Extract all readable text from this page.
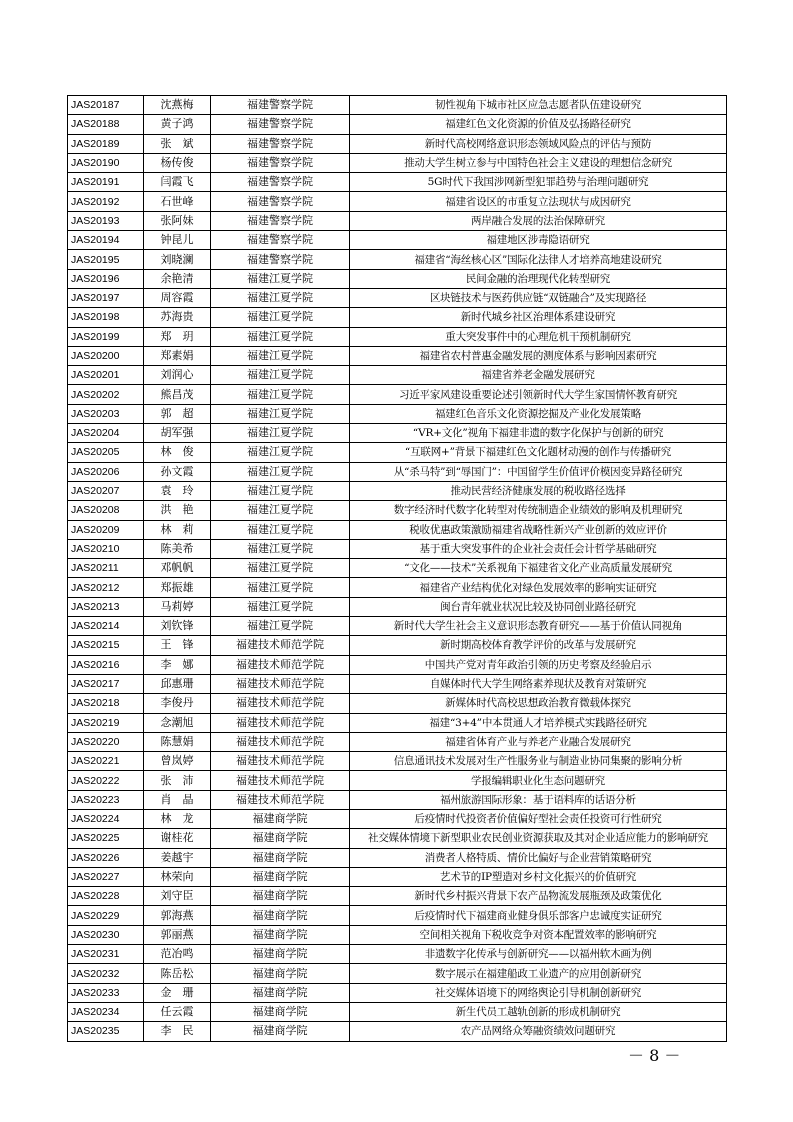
JAS20187	沈燕梅	福建警察学院	韧性视角下城市社区应急志愿者队伍建设研究
JAS20188	黄子鸿	福建警察学院	福建红色文化资源的价值及弘扬路径研究
JAS20189	张　斌	福建警察学院	新时代高校网络意识形态领域风险点的评估与预防
JAS20190	杨传俊	福建警察学院	推动大学生树立参与中国特色社会主义建设的理想信念研究
JAS20191	闫霞飞	福建警察学院	5G时代下我国涉网新型犯罪趋势与治理问题研究
JAS20192	石世峰	福建警察学院	福建省设区的市重复立法现状与成因研究
JAS20193	张阿妹	福建警察学院	两岸融合发展的法治保障研究
JAS20194	钟昆儿	福建警察学院	福建地区涉毒隐语研究
JAS20195	刘晓澜	福建警察学院	福建省“海丝核心区”国际化法律人才培养高地建设研究
JAS20196	余艳清	福建江夏学院	民间金融的治理现代化转型研究
JAS20197	周容霞	福建江夏学院	区块链技术与医药供应链“双链融合”及实现路径
JAS20198	苏海贵	福建江夏学院	新时代城乡社区治理体系建设研究
JAS20199	郑　玥	福建江夏学院	重大突发事件中的心理危机干预机制研究
JAS20200	郑素娟	福建江夏学院	福建省农村普惠金融发展的测度体系与影响因素研究
JAS20201	刘润心	福建江夏学院	福建省养老金融发展研究
JAS20202	熊昌茂	福建江夏学院	习近平家风建设重要论述引领新时代大学生家国情怀教育研究
JAS20203	郭　超	福建江夏学院	福建红色音乐文化资源挖掘及产业化发展策略
JAS20204	胡军强	福建江夏学院	“VR+文化”视角下福建非遗的数字化保护与创新的研究
JAS20205	林　俊	福建江夏学院	“互联网+”背景下福建红色文化题材动漫的创作与传播研究
JAS20206	孙文霞	福建江夏学院	从“杀马特”到“辱国门”：中国留学生价值评价模因变异路径研究
JAS20207	袁　玲	福建江夏学院	推动民营经济健康发展的税收路径选择
JAS20208	洪　艳	福建江夏学院	数字经济时代数字化转型对传统制造企业绩效的影响及机理研究
JAS20209	林　莉	福建江夏学院	税收优惠政策激励福建省战略性新兴产业创新的效应评价
JAS20210	陈美希	福建江夏学院	基于重大突发事件的企业社会责任会计哲学基础研究
JAS20211	邓帆帆	福建江夏学院	“文化——技术”关系视角下福建省文化产业高质量发展研究
JAS20212	郑振雄	福建江夏学院	福建省产业结构优化对绿色发展效率的影响实证研究
JAS20213	马莉婷	福建江夏学院	闽台青年就业状况比较及协同创业路径研究
JAS20214	刘钦锋	福建江夏学院	新时代大学生社会主义意识形态教育研究——基于价值认同视角
JAS20215	王　锋	福建技术师范学院	新时期高校体育教学评价的改革与发展研究
JAS20216	李　娜	福建技术师范学院	中国共产党对青年政治引领的历史考察及经验启示
JAS20217	邱惠珊	福建技术师范学院	自媒体时代大学生网络素养现状及教育对策研究
JAS20218	李俊丹	福建技术师范学院	新媒体时代高校思想政治教育微载体探究
JAS20219	念潮旭	福建技术师范学院	福建“3+4”中本贯通人才培养模式实践路径研究
JAS20220	陈慧娟	福建技术师范学院	福建省体育产业与养老产业融合发展研究
JAS20221	曾岚婷	福建技术师范学院	信息通讯技术发展对生产性服务业与制造业协同集聚的影响分析
JAS20222	张　沛	福建技术师范学院	学报编辑职业化生态问题研究
JAS20223	肖　晶	福建技术师范学院	福州旅游国际形象：基于语料库的话语分析
JAS20224	林　龙	福建商学院	后疫情时代投资者价值偏好型社会责任投资可行性研究
JAS20225	谢桂花	福建商学院	社交媒体情境下新型职业农民创业资源获取及其对企业适应能力的影响研究
JAS20226	姜越宇	福建商学院	消费者人格特质、情价比偏好与企业营销策略研究
JAS20227	林荣向	福建商学院	艺术节的IP塑造对乡村文化振兴的价值研究
JAS20228	刘守臣	福建商学院	新时代乡村振兴背景下农产品物流发展瓶颈及政策优化
JAS20229	郭海燕	福建商学院	后疫情时代下福建商业健身俱乐部客户忠诚度实证研究
JAS20230	郭丽燕	福建商学院	空间相关视角下税收竞争对资本配置效率的影响研究
JAS20231	范冶鸣	福建商学院	非遗数字化传承与创新研究——以福州软木画为例
JAS20232	陈岳松	福建商学院	数字展示在福建船政工业遗产的应用创新研究
JAS20233	金　珊	福建商学院	社交媒体语境下的网络舆论引导机制创新研究
JAS20234	任云霞	福建商学院	新生代员工越轨创新的形成机制研究
JAS20235	李　民	福建商学院	农产品网络众筹融资绩效问题研究
－ 8 －
